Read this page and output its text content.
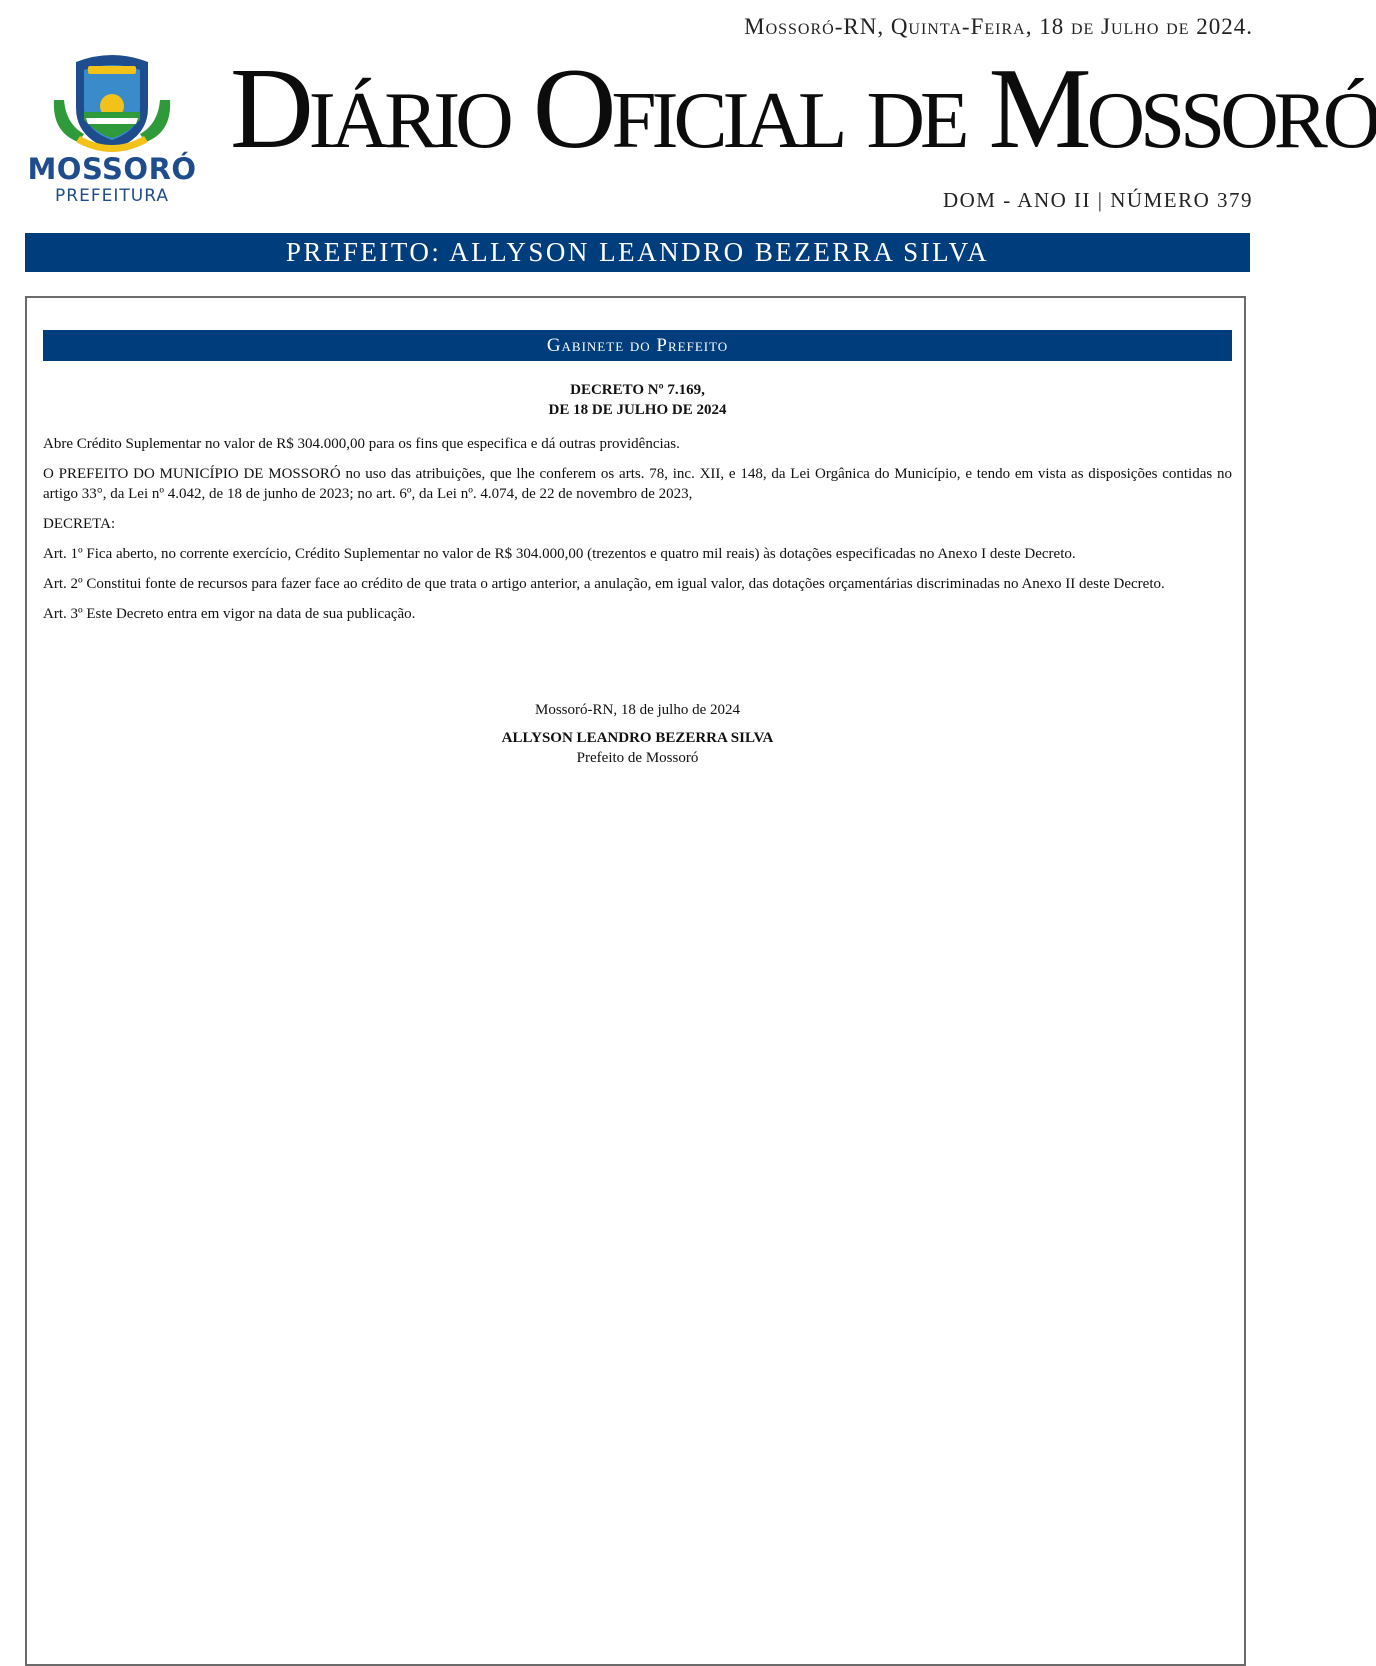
MOSSORÓ
PREFEITURA
Mossoró-RN, Quinta-Feira, 18 de Julho de 2024.
Diário Oficial de Mossoró
DOM - ANO II | NÚMERO 379
PREFEITO: ALLYSON LEANDRO BEZERRA SILVA
Gabinete do Prefeito
DECRETO Nº 7.169,
DE 18 DE JULHO DE 2024

Abre Crédito Suplementar no valor de R$ 304.000,00 para os fins que especifica e dá outras providências.

O PREFEITO DO MUNICÍPIO DE MOSSORÓ no uso das atribuições, que lhe conferem os arts. 78, inc. XII, e 148, da Lei Orgânica do Município, e tendo em vista as disposições contidas no artigo 33°, da Lei nº 4.042, de 18 de junho de 2023; no art. 6º, da Lei nº. 4.074, de 22 de novembro de 2023,

DECRETA:

Art. 1º Fica aberto, no corrente exercício, Crédito Suplementar no valor de R$ 304.000,00 (trezentos e quatro mil reais) às dotações especificadas no Anexo I deste Decreto.

Art. 2º Constitui fonte de recursos para fazer face ao crédito de que trata o artigo anterior, a anulação, em igual valor, das dotações orçamentárias discriminadas no Anexo II deste Decreto.

Art. 3º Este Decreto entra em vigor na data de sua publicação.

Mossoró-RN, 18 de julho de 2024
ALLYSON LEANDRO BEZERRA SILVA
Prefeito de Mossoró
